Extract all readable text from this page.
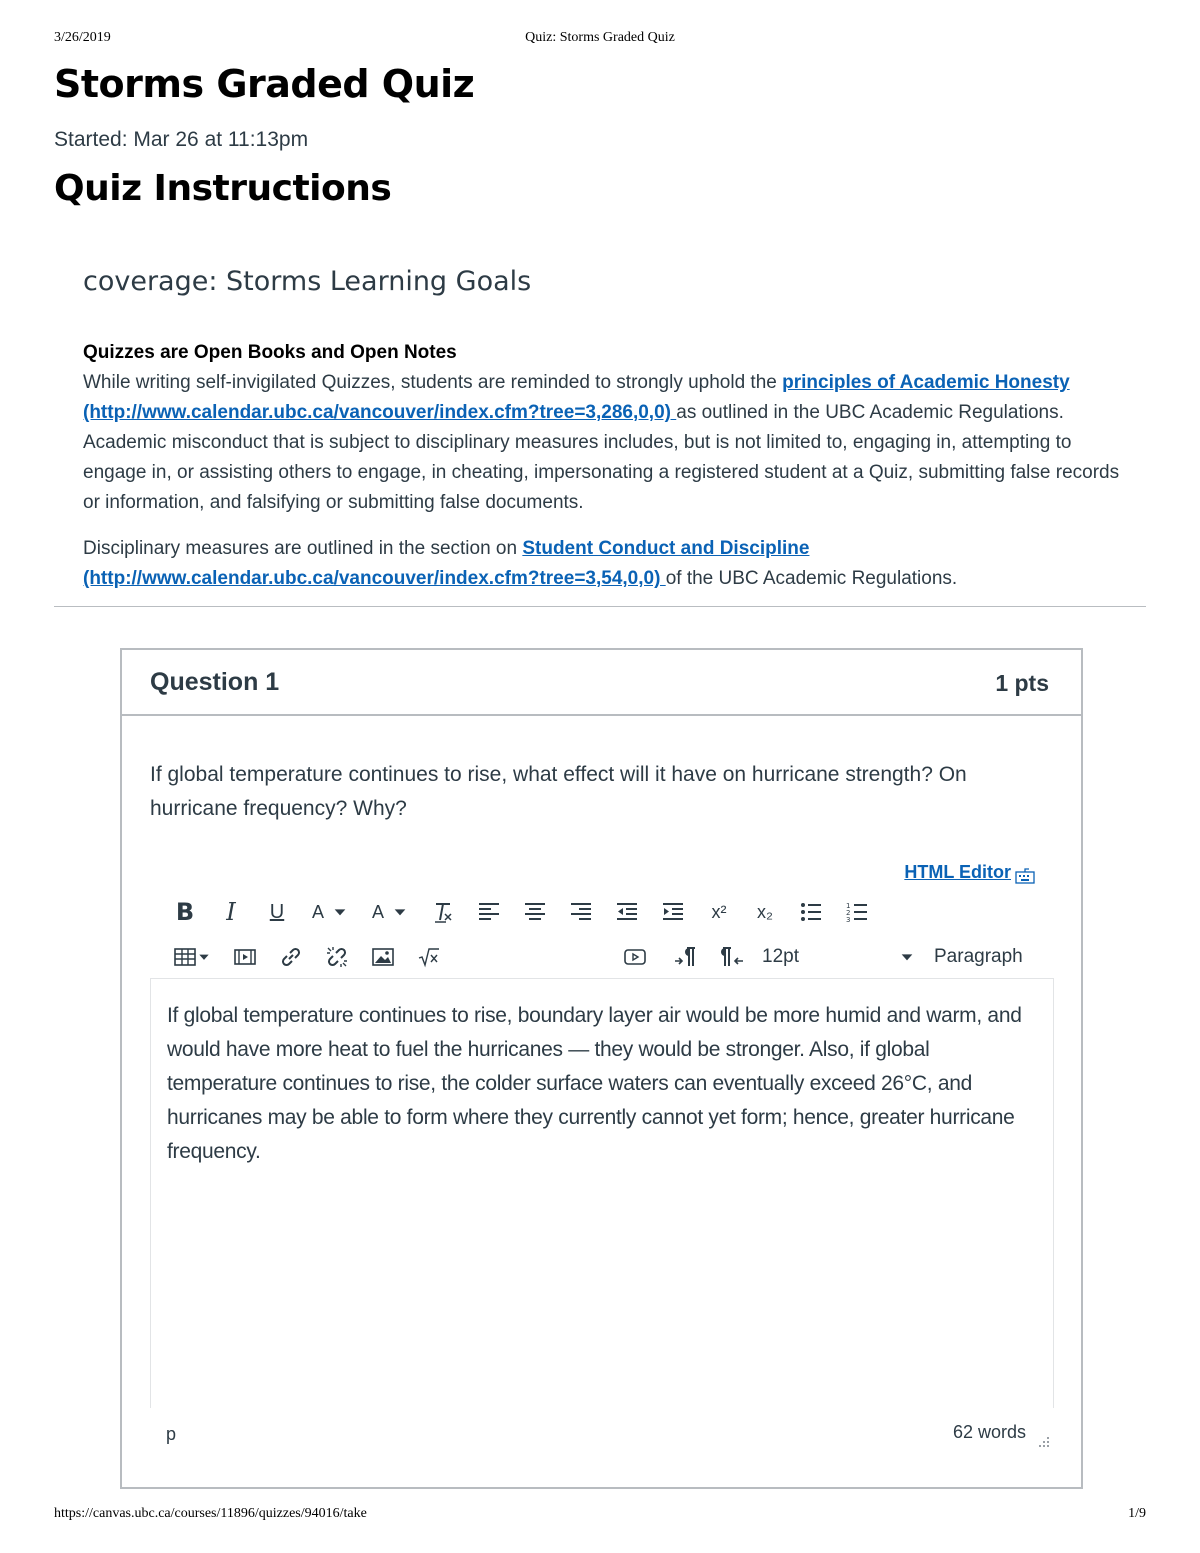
3/26/2019	Quiz: Storms Graded Quiz
Storms Graded Quiz
Started: Mar 26 at 11:13pm
Quiz Instructions
coverage: Storms Learning Goals
Quizzes are Open Books and Open Notes

While writing self-invigilated Quizzes, students are reminded to strongly uphold the principles of Academic Honesty (http://www.calendar.ubc.ca/vancouver/index.cfm?tree=3,286,0,0) as outlined in the UBC Academic Regulations. Academic misconduct that is subject to disciplinary measures includes, but is not limited to, engaging in, attempting to engage in, or assisting others to engage, in cheating, impersonating a registered student at a Quiz, submitting false records or information, and falsifying or submitting false documents.

Disciplinary measures are outlined in the section on Student Conduct and Discipline (http://www.calendar.ubc.ca/vancouver/index.cfm?tree=3,54,0,0) of the UBC Academic Regulations.

Question 1	1 pts
If global temperature continues to rise, what effect will it have on hurricane strength? On hurricane frequency? Why?
HTML Editor
B I U A	A	x² x₂	1
2
3
12pt	Paragraph
If global temperature continues to rise, boundary layer air would be more humid and warm, and would have more heat to fuel the hurricanes — they would be stronger. Also, if global temperature continues to rise, the colder surface waters can eventually exceed 26°C, and hurricanes may be able to form where they currently cannot yet form; hence, greater hurricane frequency.
p	62 words
https://canvas.ubc.ca/courses/11896/quizzes/94016/take	1/9
